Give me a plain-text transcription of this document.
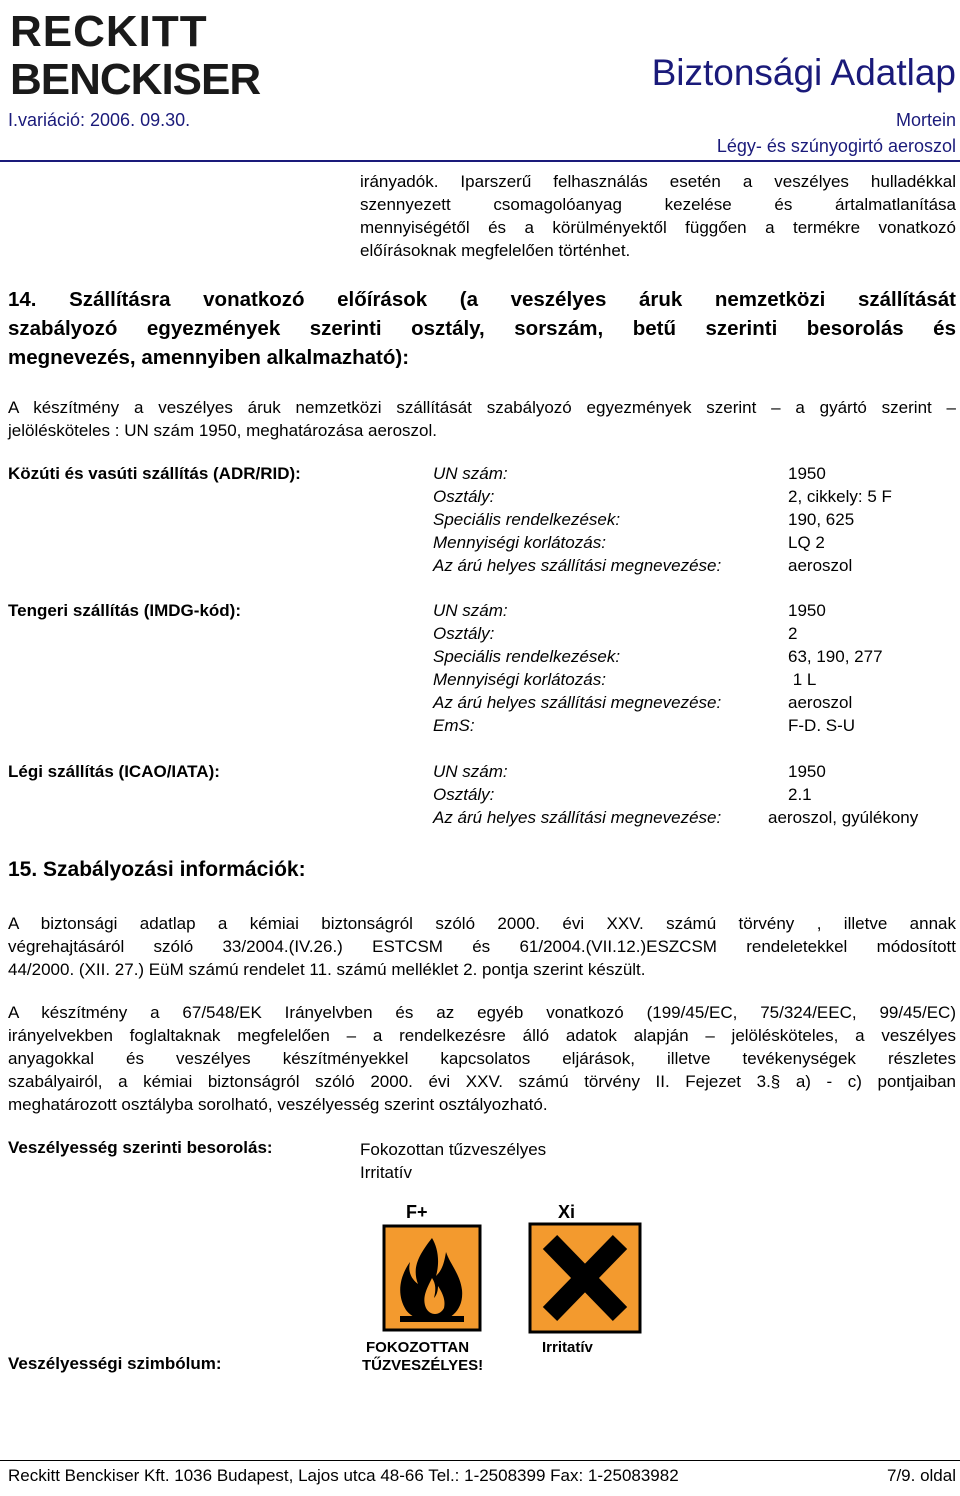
RECKITT
BENCKISER	Biztonsági Adatlap
I.variáció: 2006. 09.30.	Mortein
Légy- és szúnyogirtó aeroszol
irányadók. Iparszerű felhasználás esetén a veszélyes hulladékkal
szennyezett csomagolóanyag kezelése és ártalmatlanítása
mennyiségétől és a körülményektől függően a termékre vonatkozó
előírásoknak megfelelően történhet.
14. Szállításra vonatkozó előírások (a veszélyes áruk nemzetközi szállítását
szabályozó egyezmények szerinti osztály, sorszám, betű szerinti besorolás és
megnevezés, amennyiben alkalmazható):
A készítmény a veszélyes áruk nemzetközi szállítását szabályozó egyezmények szerint – a gyártó szerint –
jelölésköteles : UN szám 1950, meghatározása aeroszol.
Közúti és vasúti szállítás (ADR/RID):	UN szám:	1950
Osztály:	2, cikkely: 5 F
Speciális rendelkezések:	190, 625
Mennyiségi korlátozás:	LQ 2
Az árú helyes szállítási megnevezése:	aeroszol
Tengeri szállítás (IMDG-kód):	UN szám:	1950
Osztály:	2
Speciális rendelkezések:	63, 190, 277
Mennyiségi korlátozás:	1 L
Az árú helyes szállítási megnevezése:	aeroszol
EmS:	F-D. S-U
Légi szállítás (ICAO/IATA):	UN szám:	1950
Osztály:	2.1
Az árú helyes szállítási megnevezése:	aeroszol, gyúlékony
15. Szabályozási információk:
A biztonsági adatlap a kémiai biztonságról szóló 2000. évi XXV. számú törvény , illetve annak
végrehajtásáról szóló 33/2004.(IV.26.) ESTCSM és 61/2004.(VII.12.)ESZCSM rendeletekkel módosított
44/2000. (XII. 27.) EüM számú rendelet 11. számú melléklet 2. pontja szerint készült.
A készítmény a 67/548/EK Irányelvben és az egyéb vonatkozó (199/45/EC, 75/324/EEC, 99/45/EC)
irányelvekben foglaltaknak megfelelően – a rendelkezésre álló adatok alapján – jelölésköteles, a veszélyes
anyagokkal és veszélyes készítményekkel kapcsolatos eljárások, illetve tevékenységek részletes
szabályairól, a kémiai biztonságról szóló 2000. évi XXV. számú törvény II. Fejezet 3.§ a) - c) pontjaiban
meghatározott osztályba sorolható, veszélyesség szerint osztályozható.
Veszélyesség szerinti besorolás:	Fokozottan tűzveszélyes
Irritatív
Veszélyességi szimbólum:
F+
FOKOZOTTAN
TŰZVESZÉLYES!
Xi
Irritatív
Reckitt Benckiser Kft. 1036 Budapest, Lajos utca 48-66 Tel.: 1-2508399 Fax: 1-25083982	7/9. oldal
